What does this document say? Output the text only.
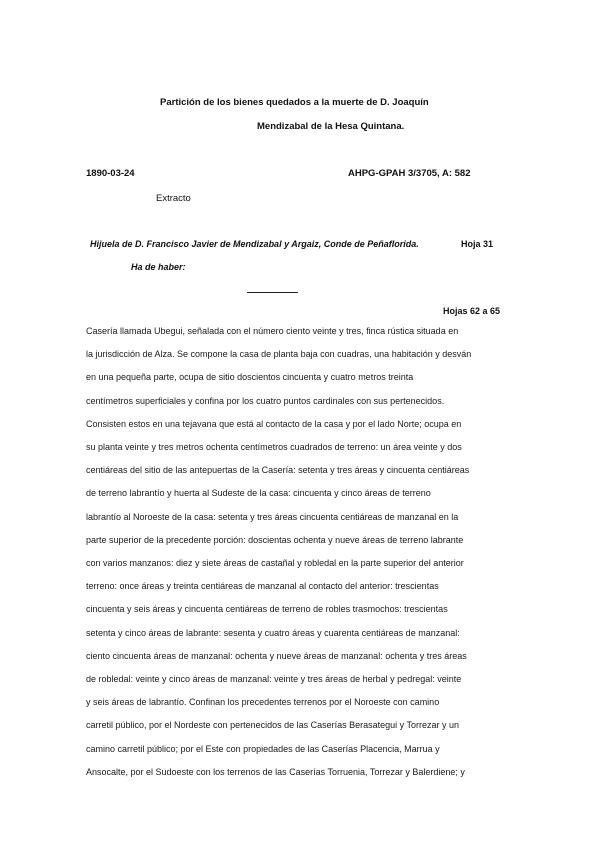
Partición de los bienes quedados a la muerte de D. Joaquín
Mendizabal de la Hesa Quintana.
1890-03-24	AHPG-GPAH 3/3705, A: 582
Extracto
Hijuela de D. Francisco Javier de Mendizabal y Argaiz, Conde de Peñaflorida.	Hoja 31
Ha de haber:
Hojas 62 a 65
Casería llamada Ubegui, señalada con el número ciento veinte y tres, finca rústica situada en
la jurisdicción de Alza. Se compone la casa de planta baja con cuadras, una habitación y desván
en una pequeña parte, ocupa de sitio doscientos cincuenta y cuatro metros treinta
centímetros superficiales y confina por los cuatro puntos cardinales con sus pertenecidos.
Consisten estos en una tejavana que está al contacto de la casa y por el lado Norte; ocupa en
su planta veinte y tres metros ochenta centímetros cuadrados de terreno: un área veinte y dos
centiáreas del sitio de las antepuertas de la Casería: setenta y tres áreas y cincuenta centiáreas
de terreno labrantío y huerta al Sudeste de la casa: cincuenta y cinco áreas de terreno
labrantío al Noroeste de la casa: setenta y tres áreas cincuenta centiáreas de manzanal en la
parte superior de la precedente porción: doscientas ochenta y nueve áreas de terreno labrante
con varios manzanos: diez y siete áreas de castañal y robledal en la parte superior del anterior
terreno: once áreas y treinta centiáreas de manzanal al contacto del anterior: trescientas
cincuenta y seis áreas y cincuenta centiáreas de terreno de robles trasmochos: trescientas
setenta y cinco áreas de labrante: sesenta y cuatro áreas y cuarenta centiáreas de manzanal:
ciento cincuenta áreas de manzanal: ochenta y nueve áreas de manzanal: ochenta y tres áreas
de robledal: veinte y cinco áreas de manzanal: veinte y tres áreas de herbal y pedregal: veinte
y seis áreas de labrantío. Confinan los precedentes terrenos por el Noroeste con camino
carretil público, por el Nordeste con pertenecidos de las Caserías Berasategui y Torrezar y un
camino carretil público; por el Este con propiedades de las Caserías Placencia, Marrua y
Ansocalte, por el Sudoeste con los terrenos de las Caserías Torruenia, Torrezar y Balerdiene; y
